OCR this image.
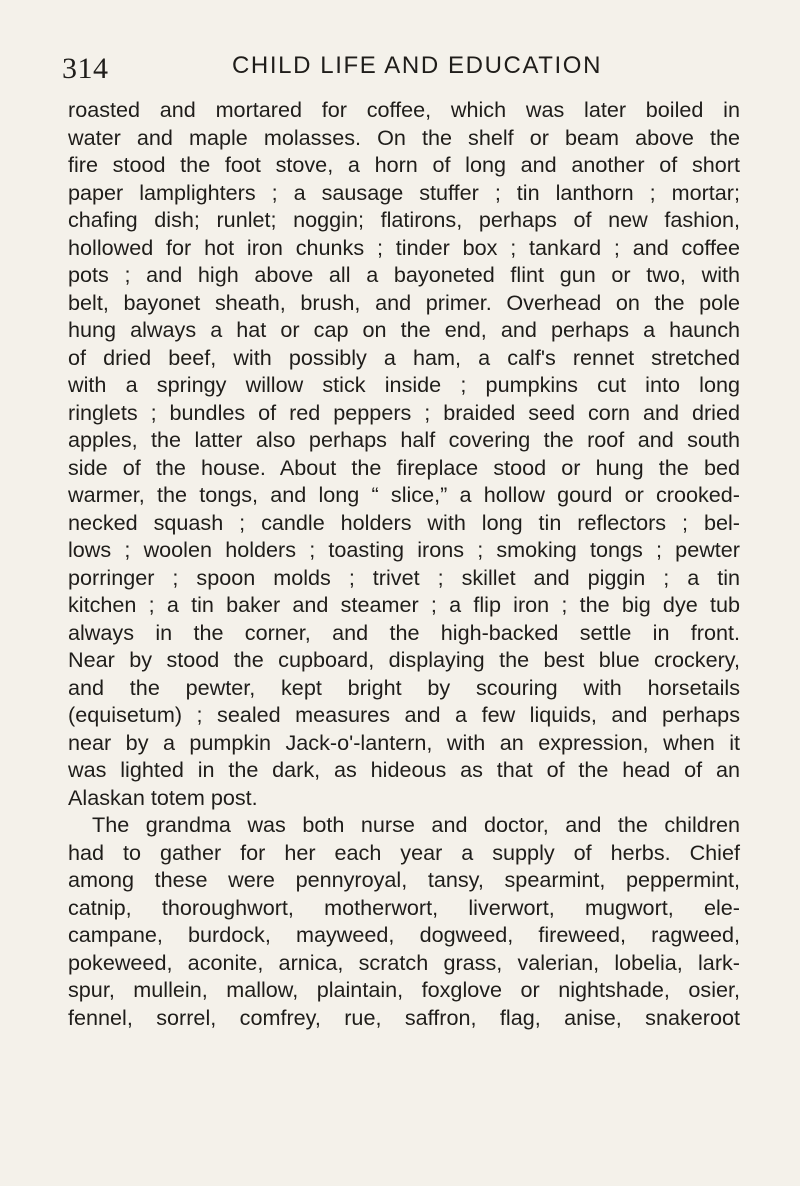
314	CHILD LIFE AND EDUCATION
roasted and mortared for coffee, which was later boiled in
water and maple molasses. On the shelf or beam above the
fire stood the foot stove, a horn of long and another of short
paper lamplighters ; a sausage stuffer ; tin lanthorn ; mortar;
chafing dish; runlet; noggin; flatirons, perhaps of new fashion,
hollowed for hot iron chunks ; tinder box ; tankard ; and coffee
pots ; and high above all a bayoneted flint gun or two, with
belt, bayonet sheath, brush, and primer. Overhead on the pole
hung always a hat or cap on the end, and perhaps a haunch
of dried beef, with possibly a ham, a calf's rennet stretched
with a springy willow stick inside ; pumpkins cut into long
ringlets ; bundles of red peppers ; braided seed corn and dried
apples, the latter also perhaps half covering the roof and south
side of the house. About the fireplace stood or hung the bed
warmer, the tongs, and long “ slice,” a hollow gourd or crooked-
necked squash ; candle holders with long tin reflectors ; bel-
lows ; woolen holders ; toasting irons ; smoking tongs ; pewter
porringer ; spoon molds ; trivet ; skillet and piggin ; a tin
kitchen ; a tin baker and steamer ; a flip iron ; the big dye tub
always in the corner, and the high-backed settle in front.
Near by stood the cupboard, displaying the best blue crockery,
and the pewter, kept bright by scouring with horsetails
(equisetum) ; sealed measures and a few liquids, and perhaps
near by a pumpkin Jack-o'-lantern, with an expression, when it
was lighted in the dark, as hideous as that of the head of an
Alaskan totem post.
The grandma was both nurse and doctor, and the children
had to gather for her each year a supply of herbs. Chief
among these were pennyroyal, tansy, spearmint, peppermint,
catnip, thoroughwort, motherwort, liverwort, mugwort, ele-
campane, burdock, mayweed, dogweed, fireweed, ragweed,
pokeweed, aconite, arnica, scratch grass, valerian, lobelia, lark-
spur, mullein, mallow, plaintain, foxglove or nightshade, osier,
fennel, sorrel, comfrey, rue, saffron, flag, anise, snakeroot
